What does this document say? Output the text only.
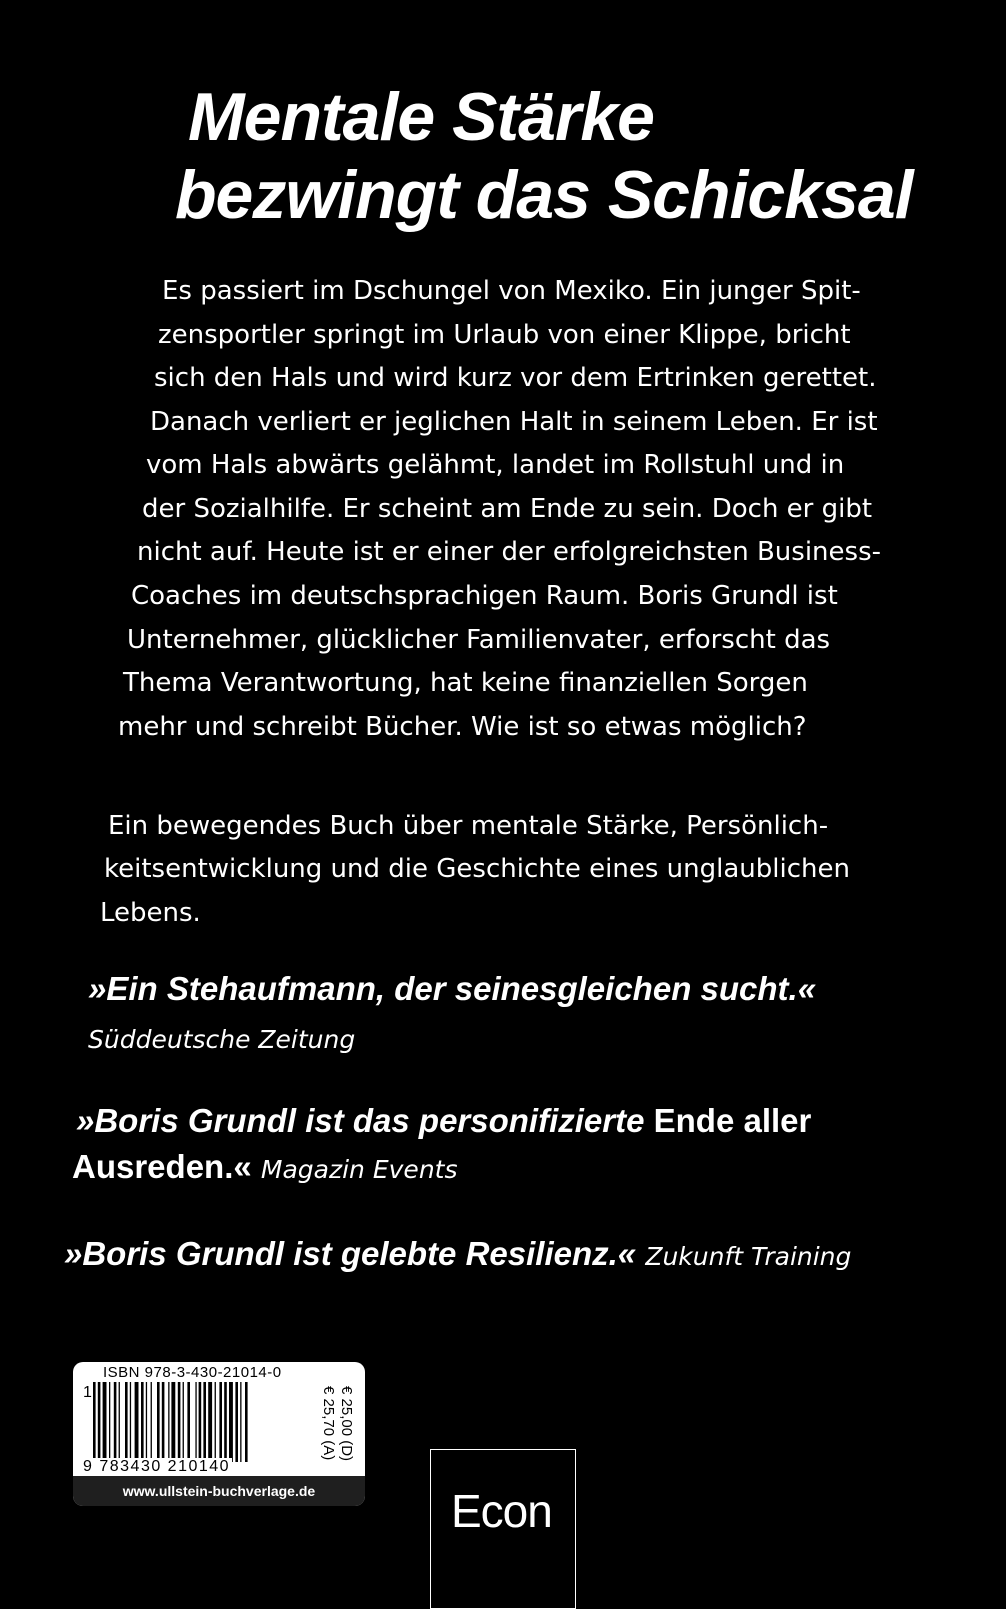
Mentale Stärke
bezwingt das Schicksal
Es passiert im Dschungel von Mexiko. Ein junger Spit-
zensportler springt im Urlaub von einer Klippe, bricht
sich den Hals und wird kurz vor dem Ertrinken gerettet.
Danach verliert er jeglichen Halt in seinem Leben. Er ist
vom Hals abwärts gelähmt, landet im Rollstuhl und in
der Sozialhilfe. Er scheint am Ende zu sein. Doch er gibt
nicht auf. Heute ist er einer der erfolgreichsten Business-
Coaches im deutschsprachigen Raum. Boris Grundl ist
Unternehmer, glücklicher Familienvater, erforscht das
Thema Verantwortung, hat keine finanziellen Sorgen
mehr und schreibt Bücher. Wie ist so etwas möglich?
Ein bewegendes Buch über mentale Stärke, Persönlich-
keitsentwicklung und die Geschichte eines unglaublichen
Lebens.
»Ein Stehaufmann, der seinesgleichen sucht.«
Süddeutsche Zeitung
»Boris Grundl ist das personifizierte Ende aller
Ausreden.« Magazin Events
»Boris Grundl ist gelebte Resilienz.« Zukunft Training
ISBN 978-3-430-21014-0
1
9 783430 210140
€ 25,00 (D)
€ 25,70 (A)
www.ullstein-buchverlage.de	Econ
